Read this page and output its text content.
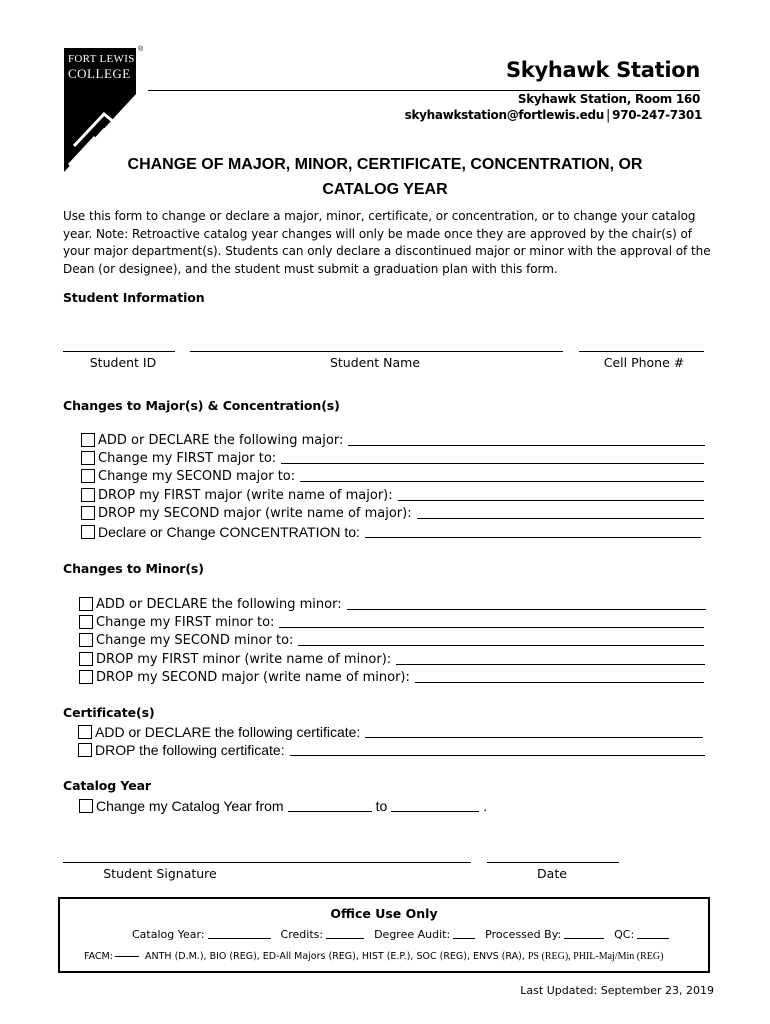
FORT LEWIS
COLLEGE
®
Skyhawk Station
Skyhawk Station, Room 160
skyhawkstation@fortlewis.edu | 970-247-7301
CHANGE OF MAJOR, MINOR, CERTIFICATE, CONCENTRATION, OR
CATALOG YEAR
Use this form to change or declare a major, minor, certificate, or concentration, or to change your catalog year. Note: Retroactive catalog year changes will only be made once they are approved by the chair(s) of your major department(s). Students can only declare a discontinued major or minor with the approval of the Dean (or designee), and the student must submit a graduation plan with this form.
Student Information
Student ID	Student Name	Cell Phone #
Changes to Major(s) & Concentration(s)
ADD or DECLARE the following major:
Change my FIRST major to:
Change my SECOND major to:
DROP my FIRST major (write name of major):
DROP my SECOND major (write name of major):
Declare or Change CONCENTRATION to:
Changes to Minor(s)
ADD or DECLARE the following minor:
Change my FIRST minor to:
Change my SECOND minor to:
DROP my FIRST minor (write name of minor):
DROP my SECOND major (write name of minor):
Certificate(s)
ADD or DECLARE the following certificate:
DROP the following certificate:
Catalog Year
Change my Catalog Year from	to	.
Student Signature	Date
Office Use Only
Catalog Year:	Credits:	Degree Audit:	Processed By:	QC:
FACM:	ANTH (D.M.), BIO (REG), ED-All Majors (REG), HIST (E.P.), SOC (REG), ENVS (RA), PS (REG), PHIL-Maj/Min (REG)
Last Updated: September 23, 2019
